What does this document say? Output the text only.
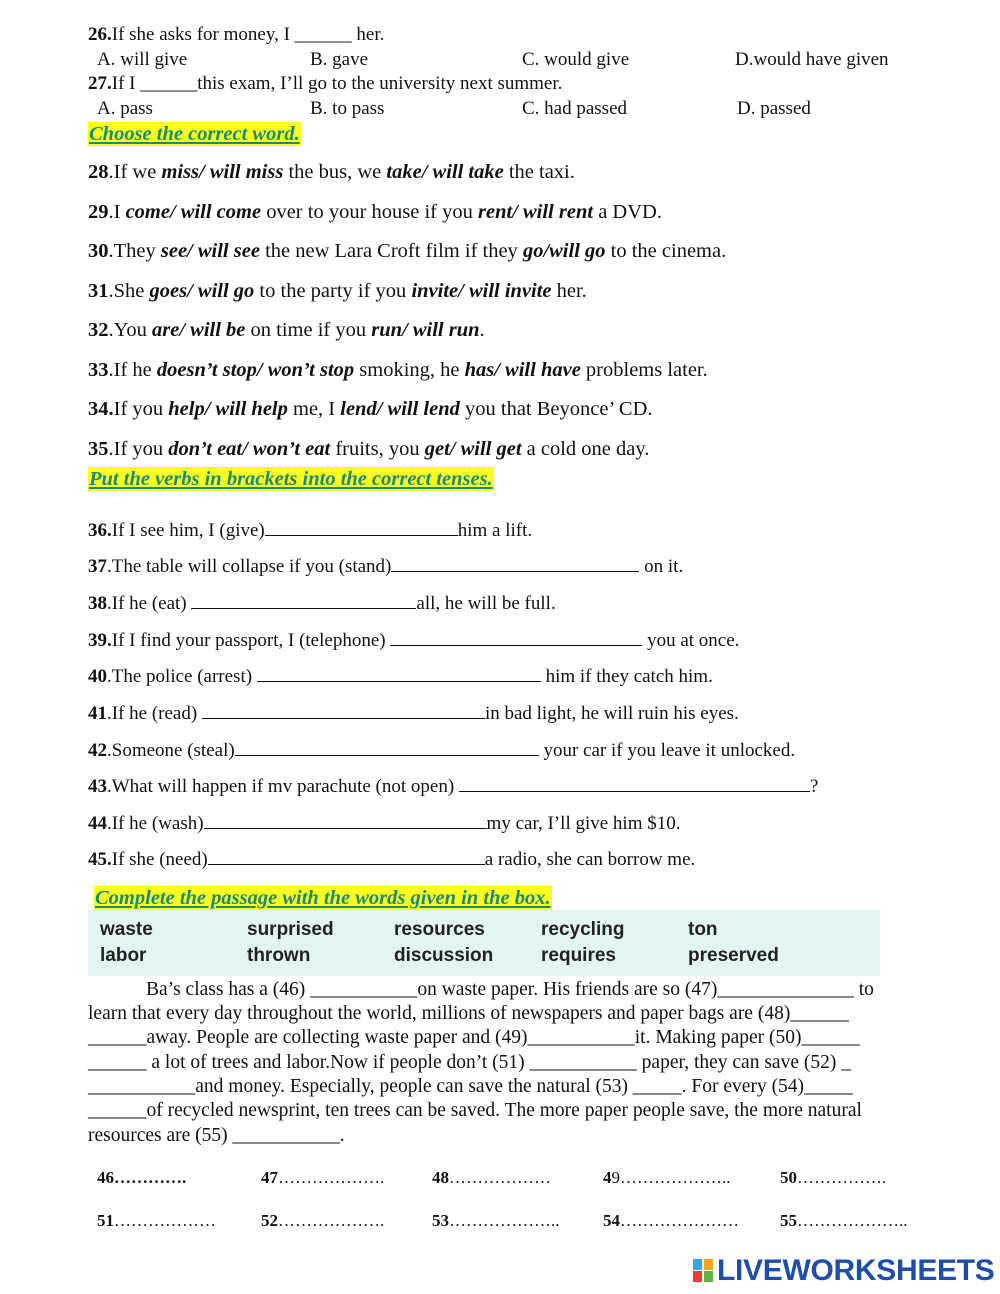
26.If she asks for money, I ______ her.
A. will give	B. gave	C. would give	D.would have given
27.If I ______this exam, I’ll go to the university next summer.
A. pass	B. to pass	C. had passed	D. passed
Choose the correct word.
28.If we miss/ will miss the bus, we take/ will take the taxi.
29.I come/ will come over to your house if you rent/ will rent a DVD.
30.They see/ will see the new Lara Croft film if they go/will go to the cinema.
31.She goes/ will go to the party if you invite/ will invite her.
32.You are/ will be on time if you run/ will run.
33.If he doesn’t stop/ won’t stop smoking, he has/ will have problems later.
34.If you help/ will help me, I lend/ will lend you that Beyonce’ CD.
35.If you don’t eat/ won’t eat fruits, you get/ will get a cold one day.
Put the verbs in brackets into the correct tenses.
36.If I see him, I (give)	him a lift.
37.The table will collapse if you (stand)	on it.
38.If he (eat)	all, he will be full.
39.If I find your passport, I (telephone)	you at once.
40.The police (arrest)	him if they catch him.
41.If he (read)	in bad light, he will ruin his eyes.
42.Someone (steal)	your car if you leave it unlocked.
43.What will happen if mv parachute (not open)	?
44.If he (wash)	my car, I’ll give him $10.
45.If she (need)	a radio, she can borrow me.
Complete the passage with the words given in the box.
waste	surprised	resources	recycling	ton
labor	thrown	discussion	requires	preserved
Ba’s class has a (46) ___________on waste paper. His friends are so (47)______________ to
learn that every day throughout the world, millions of newspapers and paper bags are (48)______
______away. People are collecting waste paper and (49)___________it. Making paper (50)______
______ a lot of trees and labor.Now if people don’t (51) ___________ paper, they can save (52) _
___________and money. Especially, people can save the natural (53) _____. For every (54)_____
______of recycled newsprint, ten trees can be saved. The more paper people save, the more natural
resources are (55) ___________.
46………….	47……………….	48………………	49………………..	50…………….
51………………	52……………….	53………………..	54………………… 55………………..
LIVEWORKSHEETS
